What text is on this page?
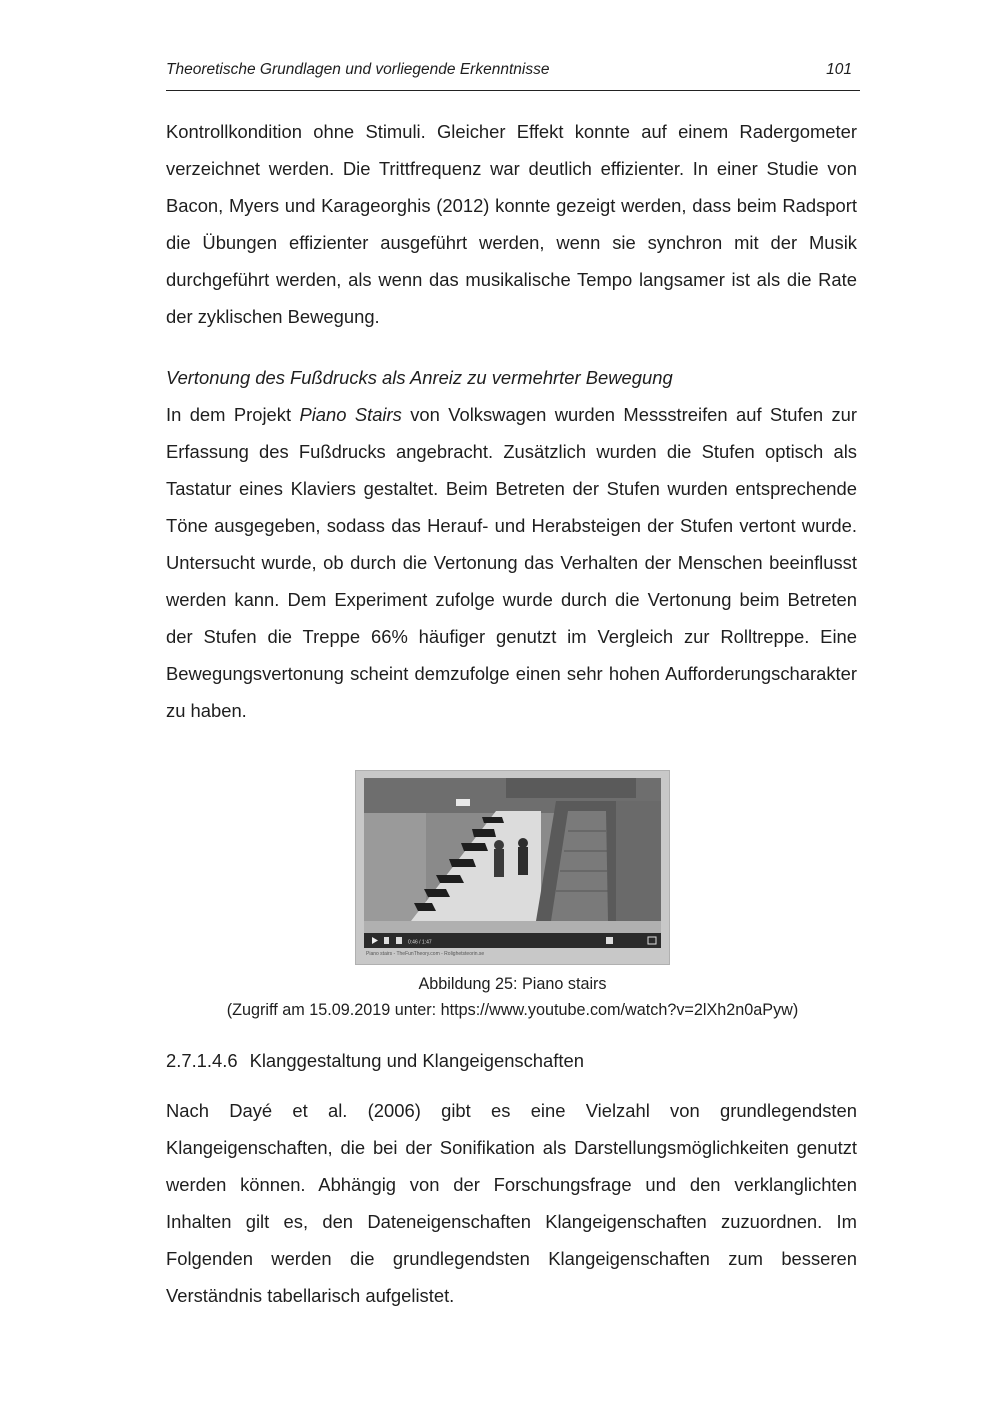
Theoretische Grundlagen und vorliegende Erkenntnisse	101

Kontrollkondition ohne Stimuli. Gleicher Effekt konnte auf einem Radergometer verzeichnet werden. Die Trittfrequenz war deutlich effizienter. In einer Studie von Bacon, Myers und Karageorghis (2012) konnte gezeigt werden, dass beim Radsport die Übungen effizienter ausgeführt werden, wenn sie synchron mit der Musik durchgeführt werden, als wenn das musikalische Tempo langsamer ist als die Rate der zyklischen Bewegung.

Vertonung des Fußdrucks als Anreiz zu vermehrter Bewegung

In dem Projekt Piano Stairs von Volkswagen wurden Messstreifen auf Stufen zur Erfassung des Fußdrucks angebracht. Zusätzlich wurden die Stufen optisch als Tastatur eines Klaviers gestaltet. Beim Betreten der Stufen wurden entsprechende Töne ausgegeben, sodass das Herauf- und Herabsteigen der Stufen vertont wurde. Untersucht wurde, ob durch die Vertonung das Verhalten der Menschen beeinflusst werden kann. Dem Experiment zufolge wurde durch die Vertonung beim Betreten der Stufen die Treppe 66% häufiger genutzt im Vergleich zur Rolltreppe. Eine Bewegungsvertonung scheint demzufolge einen sehr hohen Aufforderungscharakter zu haben.

0:46 / 1:47
Piano stairs - TheFunTheory.com - Rolighetsteorin.se
Abbildung 25: Piano stairs
(Zugriff am 15.09.2019 unter: https://www.youtube.com/watch?v=2lXh2n0aPyw)
2.7.1.4.6 Klanggestaltung und Klangeigenschaften

Nach Dayé et al. (2006) gibt es eine Vielzahl von grundlegendsten Klangeigenschaften, die bei der Sonifikation als Darstellungsmöglichkeiten genutzt werden können. Abhängig von der Forschungsfrage und den verklanglichten Inhalten gilt es, den Dateneigenschaften Klangeigenschaften zuzuordnen. Im Folgenden werden die grundlegendsten Klangeigenschaften zum besseren Verständnis tabellarisch aufgelistet.
